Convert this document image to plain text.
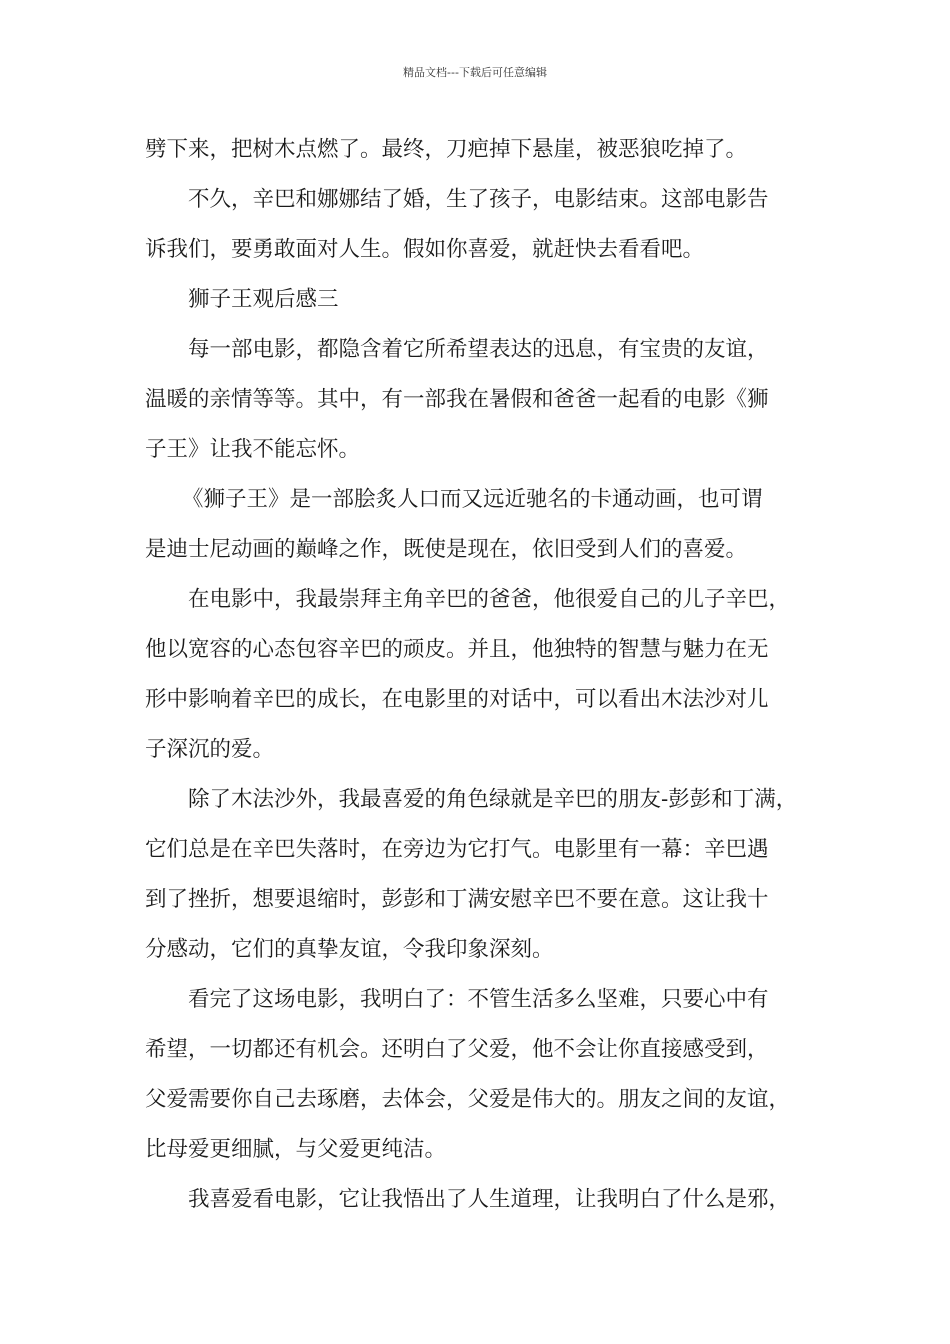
精品文档---下载后可任意编辑

劈下来，把树木点燃了。最终，刀疤掉下悬崖，被恶狼吃掉了。

不久，辛巴和娜娜结了婚，生了孩子，电影结束。这部电影告

诉我们，要勇敢面对人生。假如你喜爱，就赶快去看看吧。

狮子王观后感三

每一部电影，都隐含着它所希望表达的迅息，有宝贵的友谊，

温暖的亲情等等。其中，有一部我在暑假和爸爸一起看的电影《狮

子王》让我不能忘怀。

《狮子王》是一部脍炙人口而又远近驰名的卡通动画，也可谓

是迪士尼动画的巅峰之作，既使是现在，依旧受到人们的喜爱。

在电影中，我最崇拜主角辛巴的爸爸，他很爱自己的儿子辛巴，

他以宽容的心态包容辛巴的顽皮。并且，他独特的智慧与魅力在无

形中影响着辛巴的成长，在电影里的对话中，可以看出木法沙对儿

子深沉的爱。

除了木法沙外，我最喜爱的角色绿就是辛巴的朋友-彭彭和丁满，

它们总是在辛巴失落时，在旁边为它打气。电影里有一幕：辛巴遇

到了挫折，想要退缩时，彭彭和丁满安慰辛巴不要在意。这让我十

分感动，它们的真挚友谊，令我印象深刻。

看完了这场电影，我明白了：不管生活多么坚难，只要心中有

希望，一切都还有机会。还明白了父爱，他不会让你直接感受到，

父爱需要你自己去琢磨，去体会，父爱是伟大的。朋友之间的友谊，

比母爱更细腻，与父爱更纯洁。

我喜爱看电影，它让我悟出了人生道理，让我明白了什么是邪，
